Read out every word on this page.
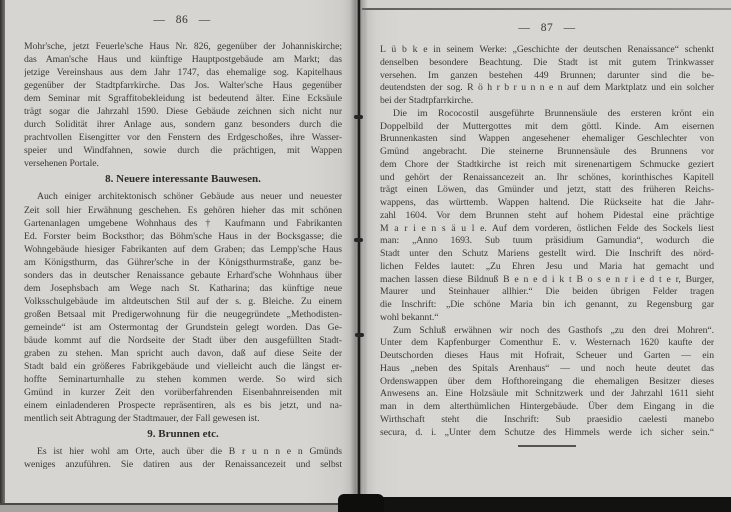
— 86 —
— 87 —
Mohr'sche, jetzt Feuerle'sche Haus Nr. 826, gegenüber der Johanniskirche;
das Aman'sche Haus und künftige Hauptpostgebäude am Markt; das
jetzige Vereinshaus aus dem Jahr 1747, das ehemalige sog. Kapitelhaus
gegenüber der Stadtpfarrkirche. Das Jos. Walter'sche Haus gegenüber
dem Seminar mit Sgraffitobekleidung ist bedeutend älter. Eine Ecksäule
trägt sogar die Jahrzahl 1590. Diese Gebäude zeichnen sich nicht nur
durch Solidität ihrer Anlage aus, sondern ganz besonders durch die
prachtvollen Eisengitter vor den Fenstern des Erdgeschoßes, ihre Wasser-
speier und Windfahnen, sowie durch die prächtigen, mit Wappen
versehenen Portale.
8. Neuere interessante Bauwesen.
Auch einiger architektonisch schöner Gebäude aus neuer und neuester
Zeit soll hier Erwähnung geschehen. Es gehören hieher das mit schönen
Gartenanlagen umgebene Wohnhaus des † Kaufmann und Fabrikanten
Ed. Forster beim Bocksthor; das Böhm'sche Haus in der Bocksgasse; die
Wohngebäude hiesiger Fabrikanten auf dem Graben; das Lempp'sche Haus
am Königsthurm, das Gührer'sche in der Königsthurmstraße, ganz be-
sonders das in deutscher Renaissance gebaute Erhard'sche Wohnhaus über
dem Josephsbach am Wege nach St. Katharina; das künftige neue
Volksschulgebäude im altdeutschen Stil auf der s. g. Bleiche. Zu einem
großen Betsaal mit Predigerwohnung für die neugegründete „Methodisten-
gemeinde“ ist am Ostermontag der Grundstein gelegt worden. Das Ge-
bäude kommt auf die Nordseite der Stadt über den ausgefüllten Stadt-
graben zu stehen. Man spricht auch davon, daß auf diese Seite der
Stadt bald ein größeres Fabrikgebäude und vielleicht auch die längst er-
hoffte Seminarturnhalle zu stehen kommen werde. So wird sich
Gmünd in kurzer Zeit den vorüberfahrenden Eisenbahnreisenden mit
einem einladenderen Prospecte repräsentiren, als es bis jetzt, und na-
mentlich seit Abtragung der Stadtmauer, der Fall gewesen ist.
9. Brunnen etc.
Es ist hier wohl am Orte, auch über die B r u n n e n Gmünds
weniges anzuführen. Sie datiren aus der Renaissancezeit und selbst
L ü b k e in seinem Werke: „Geschichte der deutschen Renaissance“ schenkt
denselben besondere Beachtung. Die Stadt ist mit gutem Trinkwasser
versehen. Im ganzen bestehen 449 Brunnen; darunter sind die be-
deutendsten der sog. R ö h r b r u n n e n auf dem Marktplatz und ein solcher
bei der Stadtpfarrkirche.
Die im Rococostil ausgeführte Brunnensäule des ersteren krönt ein
Doppelbild der Muttergottes mit dem göttl. Kinde. Am eisernen
Brunnenkasten sind Wappen angesehener ehemaliger Geschlechter von
Gmünd angebracht. Die steinerne Brunnensäule des Brunnens vor
dem Chore der Stadtkirche ist reich mit sirenenartigem Schmucke geziert
und gehört der Renaissancezeit an. Ihr schönes, korinthisches Kapitell
trägt einen Löwen, das Gmünder und jetzt, statt des früheren Reichs-
wappens, das württemb. Wappen haltend. Die Rückseite hat die Jahr-
zahl 1604. Vor dem Brunnen steht auf hohem Pidestal eine prächtige
M a r i e n s ä u l e. Auf dem vorderen, östlichen Felde des Sockels liest
man: „Anno 1693. Sub tuum präsidium Gamundia“, wodurch die
Stadt unter den Schutz Mariens gestellt wird. Die Inschrift des nörd-
lichen Feldes lautet: „Zu Ehren Jesu und Maria hat gemacht und
machen lassen diese Bildnuß B e n e d i k t B o s e n r i e d t e r, Burger,
Maurer und Steinhauer allhier.“ Die beiden übrigen Felder tragen
die Inschrift: „Die schöne Maria bin ich genannt, zu Regensburg gar
wohl bekannt.“
Zum Schluß erwähnen wir noch des Gasthofs „zu den drei Mohren“.
Unter dem Kapfenburger Comenthur E. v. Westernach 1620 kaufte der
Deutschorden dieses Haus mit Hofrait, Scheuer und Garten — ein
Haus „neben des Spitals Arenhaus“ — und noch heute deutet das
Ordenswappen über dem Hofthoreingang die ehemaligen Besitzer dieses
Anwesens an. Eine Holzsäule mit Schnitzwerk und der Jahrzahl 1611 sieht
man in dem alterthümlichen Hintergebäude. Über dem Eingang in die
Wirthschaft steht die Inschrift: Sub praesidio caelesti manebo
secura, d. i. „Unter dem Schutze des Himmels werde ich sicher sein.“
